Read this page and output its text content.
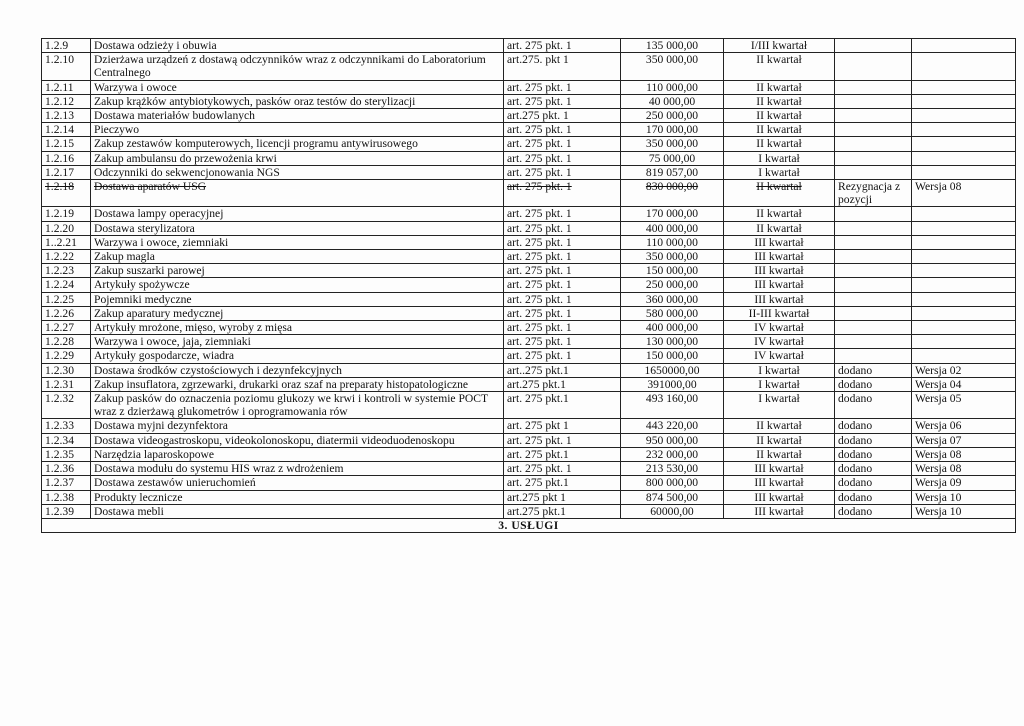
1.2.9	Dostawa odzieży i obuwia	art. 275 pkt. 1	135 000,00	I/III kwartał		
1.2.10	Dzierżawa urządzeń z dostawą odczynników wraz z odczynnikami do Laboratorium Centralnego	art.275. pkt 1	350 000,00	II kwartał		
1.2.11	Warzywa i owoce	art. 275 pkt. 1	110 000,00	II kwartał		
1.2.12	Zakup krążków antybiotykowych, pasków oraz testów do sterylizacji	art. 275 pkt. 1	40 000,00	II kwartał		
1.2.13	Dostawa materiałów budowlanych	art.275 pkt. 1	250 000,00	II kwartał		
1.2.14	Pieczywo	art. 275 pkt. 1	170 000,00	II kwartał		
1.2.15	Zakup zestawów komputerowych, licencji programu antywirusowego	art. 275 pkt. 1	350 000,00	II kwartał		
1.2.16	Zakup ambulansu do przewożenia krwi	art. 275 pkt. 1	75 000,00	I kwartał		
1.2.17	Odczynniki do sekwencjonowania NGS	art. 275 pkt. 1	819 057,00	I kwartał		
1.2.18	Dostawa aparatów USG	art. 275 pkt. 1	830 000,00	II kwartał	Rezygnacja z pozycji	Wersja 08
1.2.19	Dostawa lampy operacyjnej	art. 275 pkt. 1	170 000,00	II kwartał		
1.2.20	Dostawa sterylizatora	art. 275 pkt. 1	400 000,00	II kwartał		
1..2.21	Warzywa i owoce, ziemniaki	art. 275 pkt. 1	110 000,00	III kwartał		
1.2.22	Zakup magla	art. 275 pkt. 1	350 000,00	III kwartał		
1.2.23	Zakup suszarki parowej	art. 275 pkt. 1	150 000,00	III kwartał		
1.2.24	Artykuły spożywcze	art. 275 pkt. 1	250 000,00	III kwartał		
1.2.25	Pojemniki medyczne	art. 275 pkt. 1	360 000,00	III kwartał		
1.2.26	Zakup aparatury medycznej	art. 275 pkt. 1	580 000,00	II-III kwartał		
1.2.27	Artykuły mrożone, mięso, wyroby z mięsa	art. 275 pkt. 1	400 000,00	IV kwartał		
1.2.28	Warzywa i owoce, jaja, ziemniaki	art. 275 pkt. 1	130 000,00	IV kwartał		
1.2.29	Artykuły gospodarcze, wiadra	art. 275 pkt. 1	150 000,00	IV kwartał		
1.2.30	Dostawa środków czystościowych i dezynfekcyjnych	art..275 pkt.1	1650000,00	I kwartał	dodano	Wersja 02
1.2.31	Zakup insuflatora, zgrzewarki, drukarki oraz szaf na preparaty histopatologiczne	art.275 pkt.1	391000,00	I kwartał	dodano	Wersja 04
1.2.32	Zakup pasków do oznaczenia poziomu glukozy we krwi i kontroli w systemie POCT wraz z dzierżawą glukometrów i oprogramowania rów	art. 275 pkt.1	493 160,00	I kwartał	dodano	Wersja 05
1.2.33	Dostawa myjni dezynfektora	art. 275 pkt 1	443 220,00	II kwartał	dodano	Wersja 06
1.2.34	Dostawa videogastroskopu, videokolonoskopu, diatermii videoduodenoskopu	art. 275 pkt. 1	950 000,00	II kwartał	dodano	Wersja 07
1.2.35	Narzędzia laparoskopowe	art. 275 pkt.1	232 000,00	II kwartał	dodano	Wersja 08
1.2.36	Dostawa modułu do systemu HIS wraz z wdrożeniem	art. 275 pkt. 1	213 530,00	III kwartał	dodano	Wersja 08
1.2.37	Dostawa zestawów unieruchomień	art. 275 pkt.1	800 000,00	III kwartał	dodano	Wersja 09
1.2.38	Produkty lecznicze	art.275 pkt 1	874 500,00	III kwartał	dodano	Wersja 10
1.2.39	Dostawa mebli	art.275 pkt.1	60000,00	III kwartał	dodano	Wersja 10
3. USŁUGI						
